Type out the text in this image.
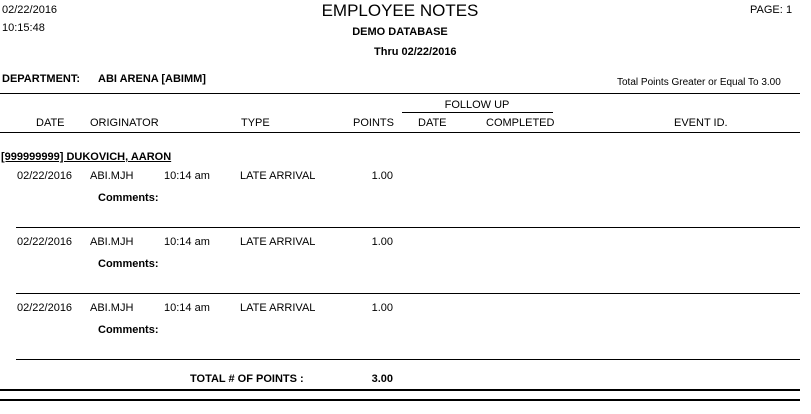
02/22/2016
10:15:48
EMPLOYEE NOTES
DEMO DATABASE
Thru 02/22/2016
PAGE: 1
DEPARTMENT: ABI ARENA [ABIMM]	Total Points Greater or Equal To 3.00
FOLLOW UP
DATE ORIGINATOR	TYPE	POINTS DATE	COMPLETED	EVENT ID.
[999999999] DUKOVICH, AARON
02/22/2016 ABI.MJH	10:14 am	LATE ARRIVAL	1.00
Comments:
02/22/2016 ABI.MJH	10:14 am	LATE ARRIVAL	1.00
Comments:
02/22/2016 ABI.MJH	10:14 am	LATE ARRIVAL	1.00
Comments:
TOTAL # OF POINTS :	3.00
